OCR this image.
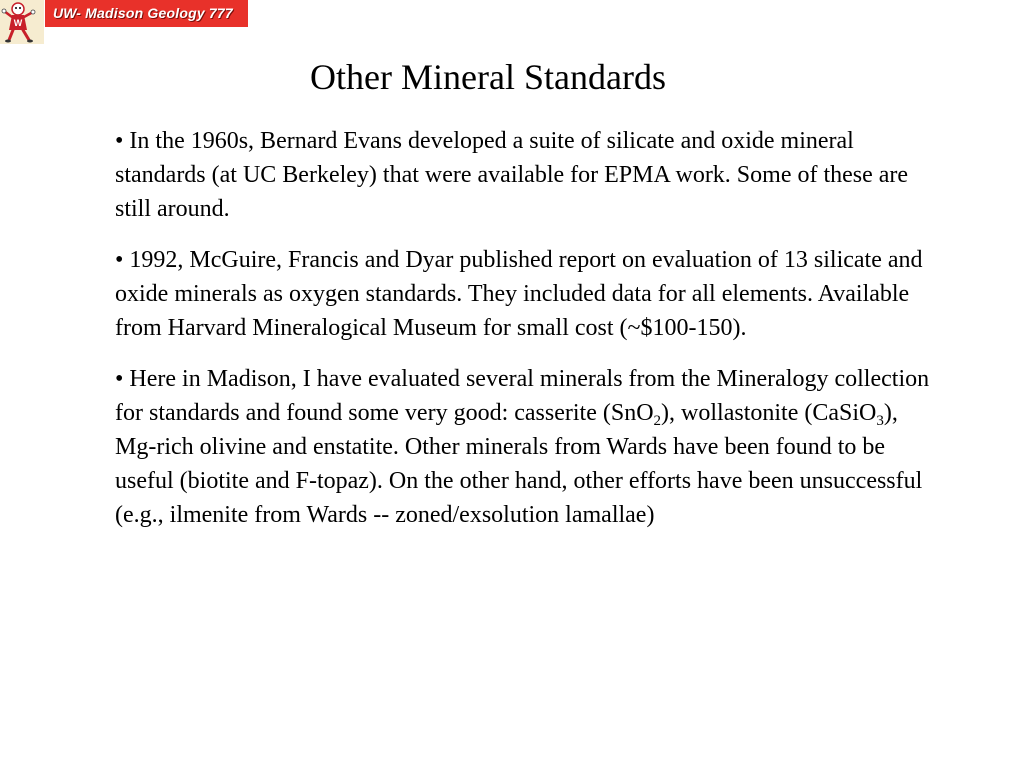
W
UW- Madison Geology 777
Other Mineral Standards
• In the 1960s, Bernard Evans developed a suite of silicate and oxide mineral standards (at UC Berkeley) that were available for EPMA work. Some of these are still around.
• 1992, McGuire, Francis and Dyar published report on evaluation of 13 silicate and oxide minerals as oxygen standards. They included data for all elements. Available from Harvard Mineralogical Museum for small cost (~$100-150).
• Here in Madison, I have evaluated several minerals from the Mineralogy collection for standards and found some very good: casserite (SnO$_2$), wollastonite (CaSiO$_3$), Mg-rich olivine and enstatite. Other minerals from Wards have been found to be useful (biotite and F-topaz). On the other hand, other efforts have been unsuccessful (e.g., ilmenite from Wards -- zoned/exsolution lamallae)
